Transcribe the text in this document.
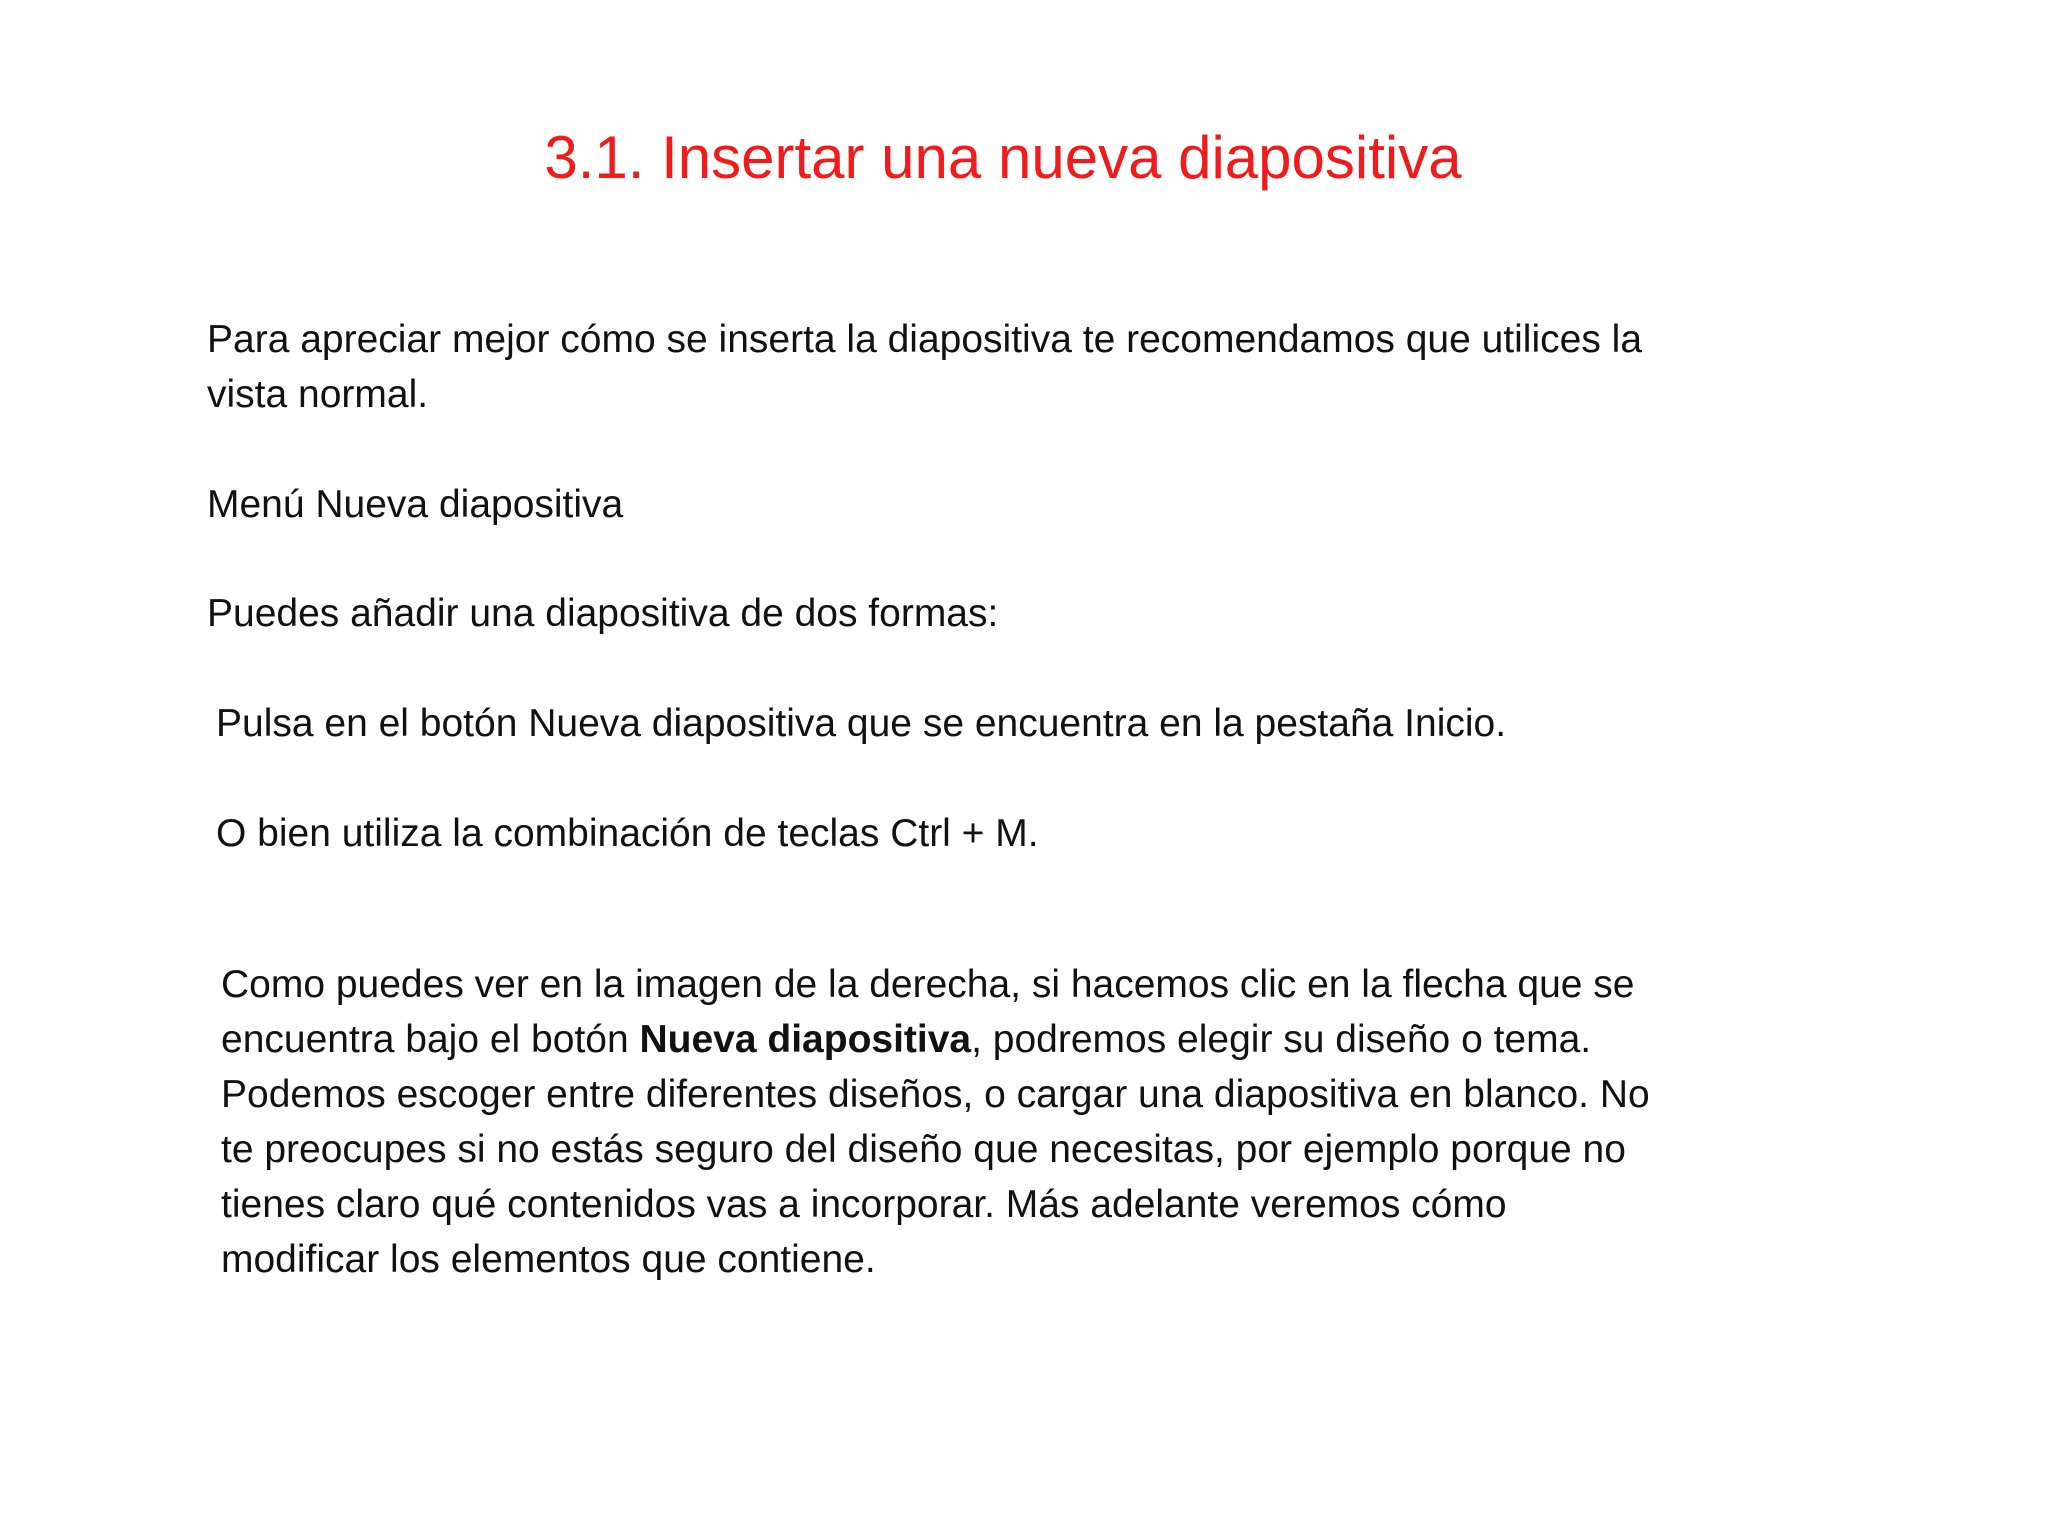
3.1. Insertar una nueva diapositiva
Para apreciar mejor cómo se inserta la diapositiva te recomendamos que utilices la
vista normal.
Menú Nueva diapositiva
Puedes añadir una diapositiva de dos formas:
Pulsa en el botón Nueva diapositiva que se encuentra en la pestaña Inicio.
O bien utiliza la combinación de teclas Ctrl + M.
Como puedes ver en la imagen de la derecha, si hacemos clic en la flecha que se
encuentra bajo el botón Nueva diapositiva, podremos elegir su diseño o tema.
Podemos escoger entre diferentes diseños, o cargar una diapositiva en blanco. No
te preocupes si no estás seguro del diseño que necesitas, por ejemplo porque no
tienes claro qué contenidos vas a incorporar. Más adelante veremos cómo
modificar los elementos que contiene.
